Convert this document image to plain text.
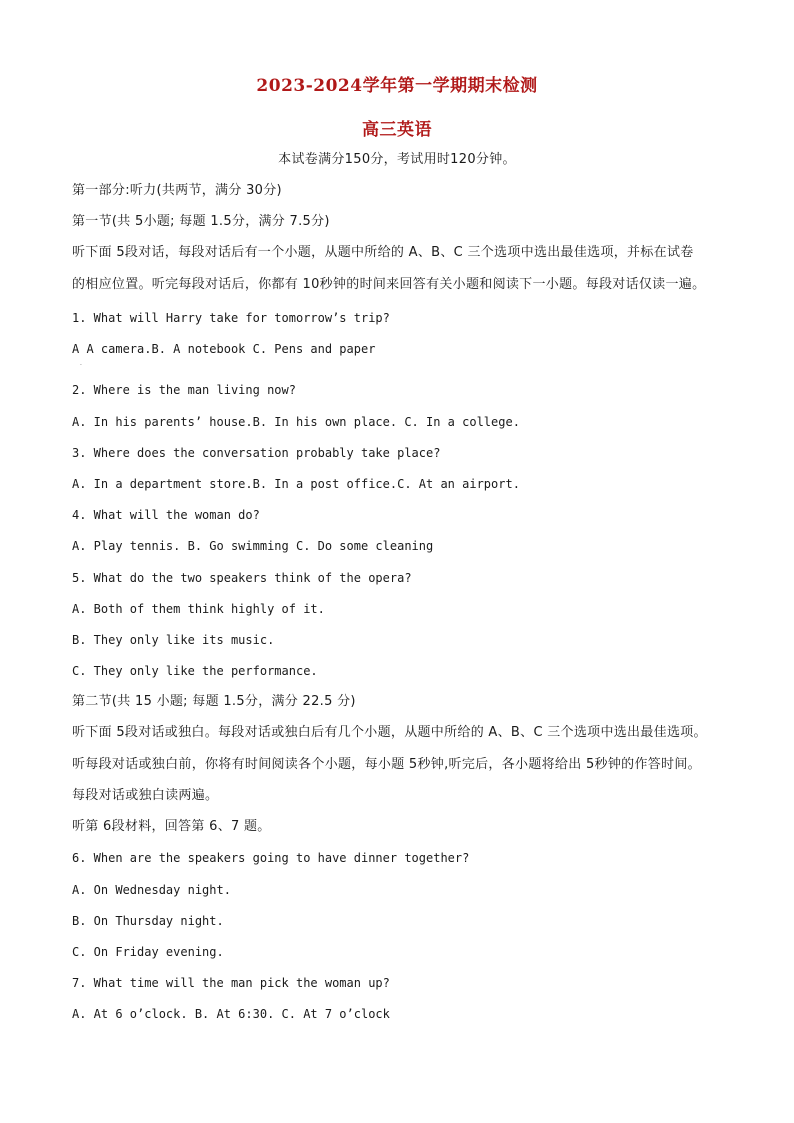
2023-2024学年第一学期期末检测
高三英语
本试卷满分150分，考试用时120分钟。
第一部分:听力(共两节，满分 30分)
第一节(共 5小题; 每题 1.5分，满分 7.5分)
听下面 5段对话，每段对话后有一个小题，从题中所给的 A、B、C 三个选项中选出最佳选项，并标在试卷
的相应位置。听完每段对话后，你都有 10秒钟的时间来回答有关小题和阅读下一小题。每段对话仅读一遍。
1. What will Harry take for tomorrow’s trip?
A A camera.B. A notebook C. Pens and paper
·
2. Where is the man living now?
A. In his parents’ house.B. In his own place. C. In a college.
3. Where does the conversation probably take place?
A. In a department store.B. In a post office.C. At an airport.
4. What will the woman do?
A. Play tennis. B. Go swimming C. Do some cleaning
5. What do the two speakers think of the opera?
A. Both of them think highly of it.
B. They only like its music.
C. They only like the performance.
第二节(共 15 小题; 每题 1.5分，满分 22.5 分)
听下面 5段对话或独白。每段对话或独白后有几个小题，从题中所给的 A、B、C 三个选项中选出最佳选项。
听每段对话或独白前，你将有时间阅读各个小题，每小题 5秒钟,听完后，各小题将给出 5秒钟的作答时间。
每段对话或独白读两遍。
听第 6段材料，回答第 6、7 题。
6. When are the speakers going to have dinner together?
A. On Wednesday night.
B. On Thursday night.
C. On Friday evening.
7. What time will the man pick the woman up?
A. At 6 o’clock. B. At 6:30. C. At 7 o’clock
